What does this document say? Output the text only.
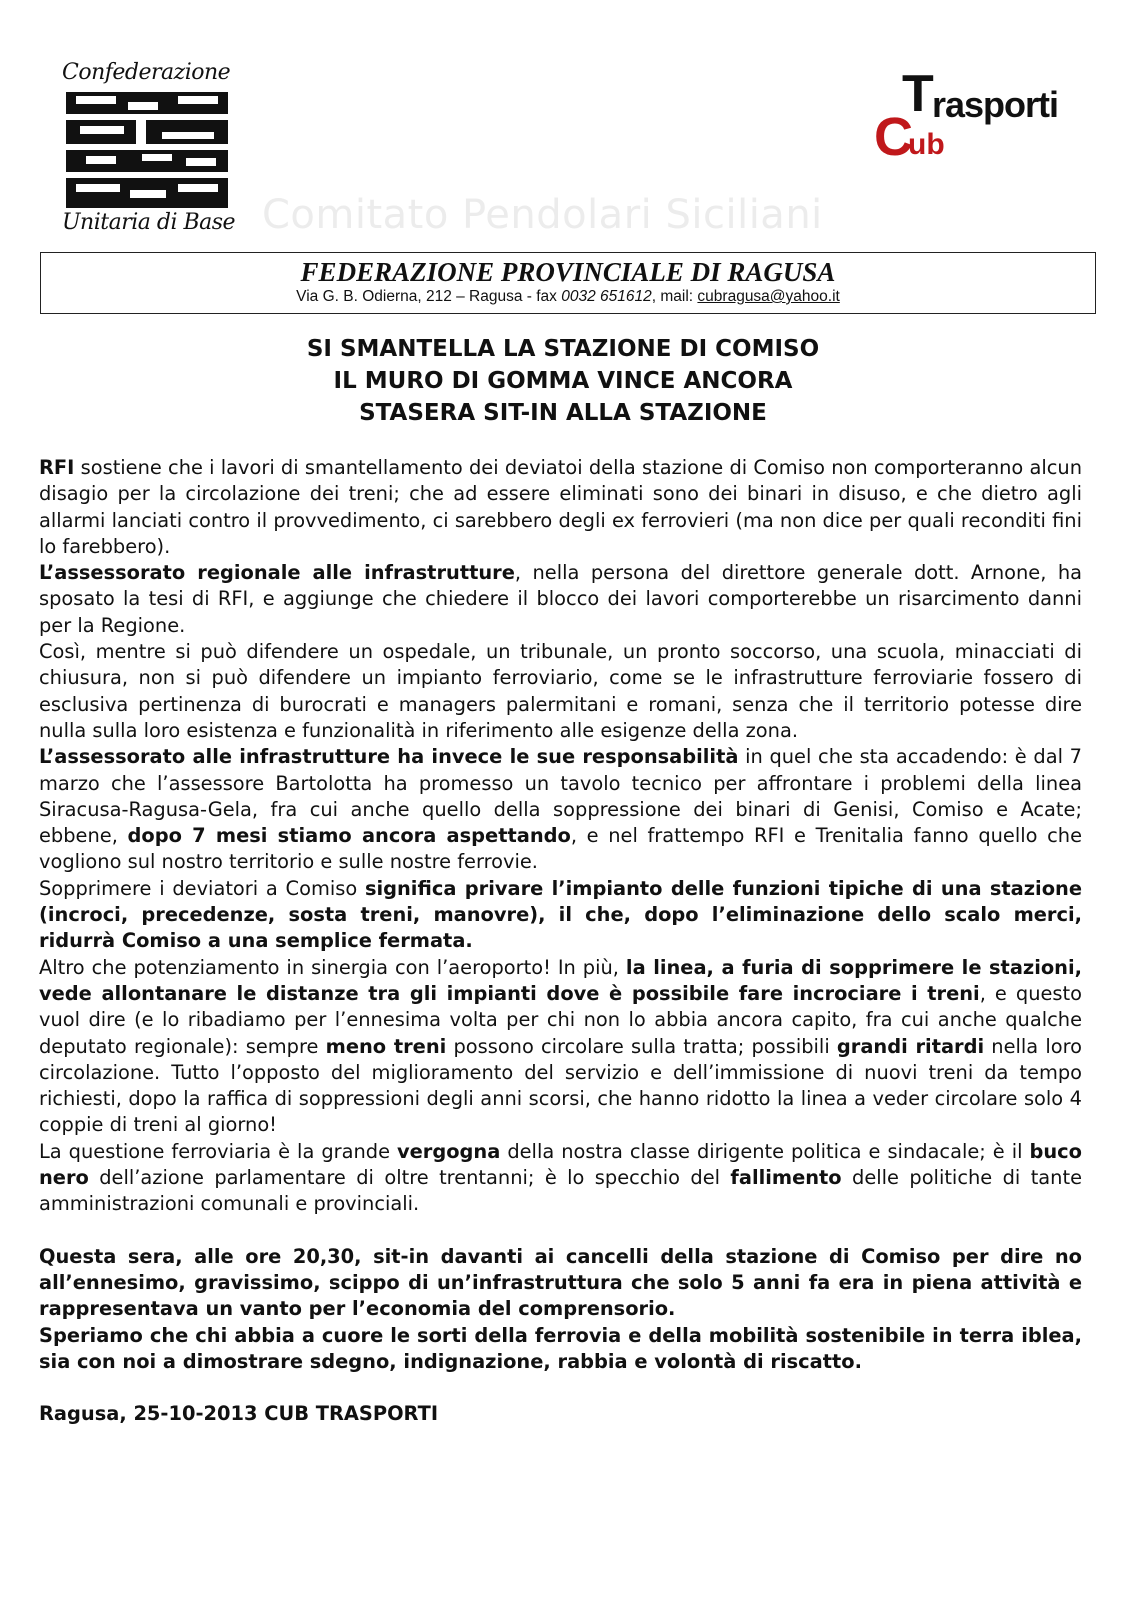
Confederazione
Unitaria di Base
T
rasporti
C
ub
Comitato Pendolari Siciliani
FEDERAZIONE PROVINCIALE DI RAGUSA
Via G. B. Odierna, 212 – Ragusa - fax 0032 651612, mail: cubragusa@yahoo.it
SI SMANTELLA LA STAZIONE DI COMISO
IL MURO DI GOMMA VINCE ANCORA
STASERA SIT-IN ALLA STAZIONE

RFI sostiene che i lavori di smantellamento dei deviatoi della stazione di Comiso non comporteranno alcun disagio per la circolazione dei treni; che ad essere eliminati sono dei binari in disuso, e che dietro agli allarmi lanciati contro il provvedimento, ci sarebbero degli ex ferrovieri (ma non dice per quali reconditi fini lo farebbero).

L’assessorato regionale alle infrastrutture, nella persona del direttore generale dott. Arnone, ha sposato la tesi di RFI, e aggiunge che chiedere il blocco dei lavori comporterebbe un risarcimento danni per la Regione.

Così, mentre si può difendere un ospedale, un tribunale, un pronto soccorso, una scuola, minacciati di chiusura, non si può difendere un impianto ferroviario, come se le infrastrutture ferroviarie fossero di esclusiva pertinenza di burocrati e managers palermitani e romani, senza che il territorio potesse dire nulla sulla loro esistenza e funzionalità in riferimento alle esigenze della zona.

L’assessorato alle infrastrutture ha invece le sue responsabilità in quel che sta accadendo: è dal 7 marzo che l’assessore Bartolotta ha promesso un tavolo tecnico per affrontare i problemi della linea Siracusa-Ragusa-Gela, fra cui anche quello della soppressione dei binari di Genisi, Comiso e Acate; ebbene, dopo 7 mesi stiamo ancora aspettando, e nel frattempo RFI e Trenitalia fanno quello che vogliono sul nostro territorio e sulle nostre ferrovie.

Sopprimere i deviatori a Comiso significa privare l’impianto delle funzioni tipiche di una stazione (incroci, precedenze, sosta treni, manovre), il che, dopo l’eliminazione dello scalo merci, ridurrà Comiso a una semplice fermata.

Altro che potenziamento in sinergia con l’aeroporto! In più, la linea, a furia di sopprimere le stazioni, vede allontanare le distanze tra gli impianti dove è possibile fare incrociare i treni, e questo vuol dire (e lo ribadiamo per l’ennesima volta per chi non lo abbia ancora capito, fra cui anche qualche deputato regionale): sempre meno treni possono circolare sulla tratta; possibili grandi ritardi nella loro circolazione. Tutto l’opposto del miglioramento del servizio e dell’immissione di nuovi treni da tempo richiesti, dopo la raffica di soppressioni degli anni scorsi, che hanno ridotto la linea a veder circolare solo 4 coppie di treni al giorno!

La questione ferroviaria è la grande vergogna della nostra classe dirigente politica e sindacale; è il buco nero dell’azione parlamentare di oltre trentanni; è lo specchio del fallimento delle politiche di tante amministrazioni comunali e provinciali.

Questa sera, alle ore 20,30, sit-in davanti ai cancelli della stazione di Comiso per dire no all’ennesimo, gravissimo, scippo di un’infrastruttura che solo 5 anni fa era in piena attività e rappresentava un vanto per l’economia del comprensorio.

Speriamo che chi abbia a cuore le sorti della ferrovia e della mobilità sostenibile in terra iblea, sia con noi a dimostrare sdegno, indignazione, rabbia e volontà di riscatto.

Ragusa, 25-10-2013 CUB TRASPORTI
